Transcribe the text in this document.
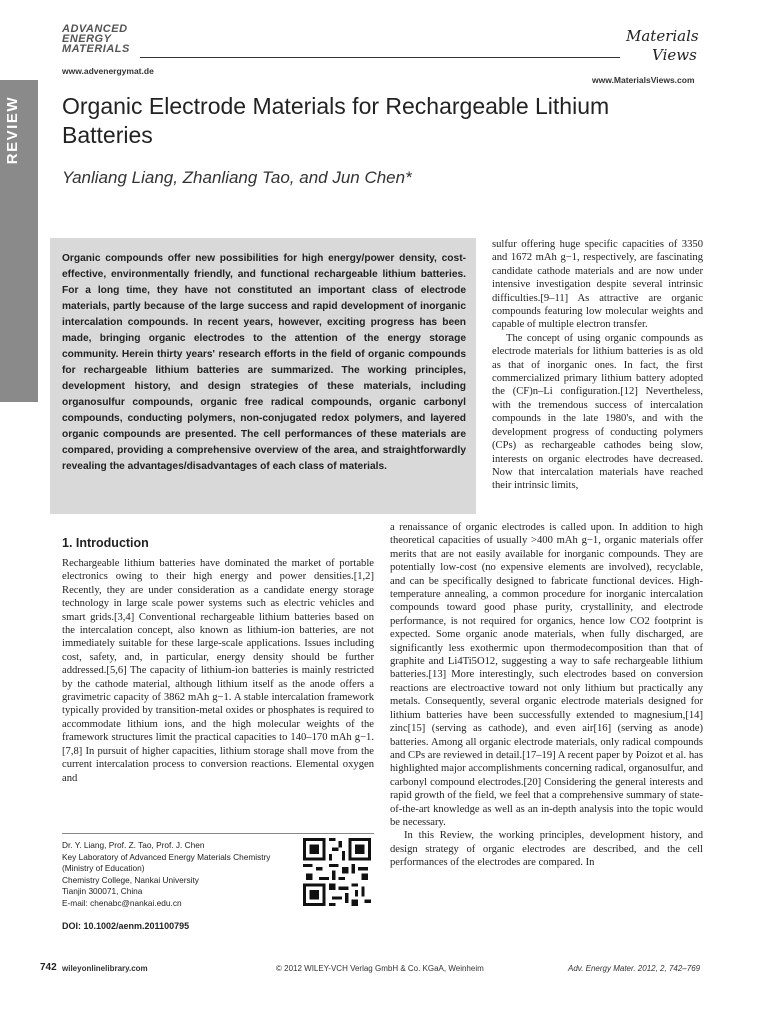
ADVANCED
ENERGY
MATERIALS
www.advenergymat.de
Materials
Views
www.MaterialsViews.com
REVIEW	Organic Electrode Materials for Rechargeable Lithium Batteries
Yanliang Liang, Zhanliang Tao, and Jun Chen*
Organic compounds offer new possibilities for high energy/power density, cost-effective, environmentally friendly, and functional rechargeable lithium batteries. For a long time, they have not constituted an important class of electrode materials, partly because of the large success and rapid development of inorganic intercalation compounds. In recent years, however, exciting progress has been made, bringing organic electrodes to the attention of the energy storage community. Herein thirty years' research efforts in the field of organic compounds for rechargeable lithium batteries are summarized. The working principles, development history, and design strategies of these materials, including organosulfur compounds, organic free radical compounds, organic carbonyl compounds, conducting polymers, non-conjugated redox polymers, and layered organic compounds are presented. The cell performances of these materials are compared, providing a comprehensive overview of the area, and straightforwardly revealing the advantages/disadvantages of each class of materials.

sulfur offering huge specific capacities of 3350 and 1672 mAh g−1, respectively, are fascinating candidate cathode materials and are now under intensive investigation despite several intrinsic difficulties.[9–11] As attractive are organic compounds featuring low molecular weights and capable of multiple electron transfer.

The concept of using organic compounds as electrode materials for lithium batteries is as old as that of inorganic ones. In fact, the first commercialized primary lithium battery adopted the (CF)n–Li configuration.[12] Nevertheless, with the tremendous success of intercalation compounds in the late 1980's, and with the development progress of conducting polymers (CPs) as rechargeable cathodes being slow, interests on organic electrodes have decreased. Now that intercalation materials have reached their intrinsic limits,

1. Introduction

Rechargeable lithium batteries have dominated the market of portable electronics owing to their high energy and power densities.[1,2] Recently, they are under consideration as a candidate energy storage technology in large scale power systems such as electric vehicles and smart grids.[3,4] Conventional rechargeable lithium batteries based on the intercalation concept, also known as lithium-ion batteries, are not immediately suitable for these large-scale applications. Issues including cost, safety, and, in particular, energy density should be further addressed.[5,6] The capacity of lithium-ion batteries is mainly restricted by the cathode material, although lithium itself as the anode offers a gravimetric capacity of 3862 mAh g−1. A stable intercalation framework typically provided by transition-metal oxides or phosphates is required to accommodate lithium ions, and the high molecular weights of the framework structures limit the practical capacities to 140–170 mAh g−1.[7,8] In pursuit of higher capacities, lithium storage shall move from the current intercalation process to conversion reactions. Elemental oxygen and

a renaissance of organic electrodes is called upon. In addition to high theoretical capacities of usually >400 mAh g−1, organic materials offer merits that are not easily available for inorganic compounds. They are potentially low-cost (no expensive elements are involved), recyclable, and can be specifically designed to fabricate functional devices. High-temperature annealing, a common procedure for inorganic intercalation compounds toward good phase purity, crystallinity, and electrode performance, is not required for organics, hence low CO2 footprint is expected. Some organic anode materials, when fully discharged, are significantly less exothermic upon thermodecomposition than that of graphite and Li4Ti5O12, suggesting a way to safe rechargeable lithium batteries.[13] More interestingly, such electrodes based on conversion reactions are electroactive toward not only lithium but practically any metals. Consequently, several organic electrode materials designed for lithium batteries have been successfully extended to magnesium,[14] zinc[15] (serving as cathode), and even air[16] (serving as anode) batteries. Among all organic electrode materials, only radical compounds and CPs are reviewed in detail.[17–19] A recent paper by Poizot et al. has highlighted major accomplishments concerning radical, organosulfur, and carbonyl compound electrodes.[20] Considering the general interests and rapid growth of the field, we feel that a comprehensive summary of state-of-the-art knowledge as well as an in-depth analysis into the topic would be necessary.

In this Review, the working principles, development history, and design strategy of organic electrodes are described, and the cell performances of the electrodes are compared. In

Dr. Y. Liang, Prof. Z. Tao, Prof. J. Chen
Key Laboratory of Advanced Energy Materials Chemistry
(Ministry of Education)
Chemistry College, Nankai University
Tianjin 300071, China
E-mail: chenabc@nankai.edu.cn
DOI: 10.1002/aenm.201100795
742 wileyonlinelibrary.com	© 2012 WILEY-VCH Verlag GmbH & Co. KGaA, Weinheim	Adv. Energy Mater. 2012, 2, 742–769
